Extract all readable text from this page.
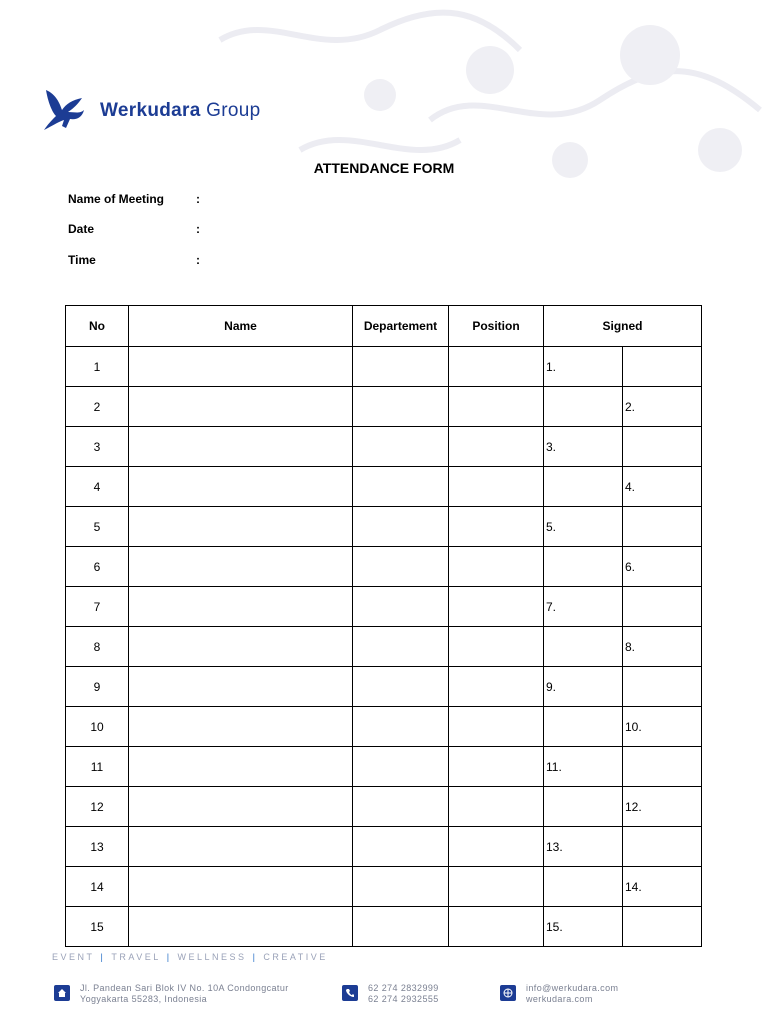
Werkudara Group
ATTENDANCE FORM
Name of Meeting	:
Date	:
Time	:
No	Name	Departement	Position	Signed	
1				1.	
2					2.
3				3.	
4					4.
5				5.	
6					6.
7				7.	
8					8.
9				9.	
10					10.
11				11.	
12					12.
13				13.	
14					14.
15				15.	
EVENT | TRAVEL | WELLNESS | CREATIVE
Jl. Pandean Sari Blok IV No. 10A Condongcatur
Yogyakarta 55283, Indonesia
62 274 2832999
62 274 2932555
info@werkudara.com
werkudara.com
